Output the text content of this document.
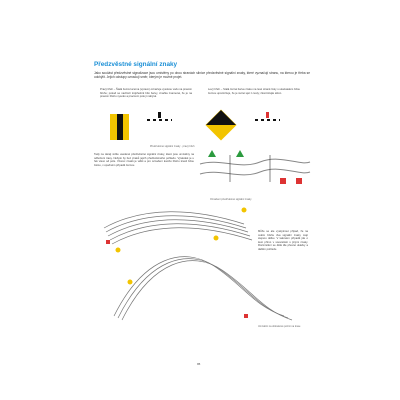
Předzvěstné signální znaky

Jako součást předzvěstné signalizace jsou umístěny po obou stranách silnice předzvěstné signální znaky, které vyznačují stranu, na kterou je třeba se odchýlit. Jejich odstupy označují směr, kterým je možné projet.

Pravý břeh – Štalá černá lucerna (vpravo) označuje vysokou vodu na pravém břehu; pokud se nachází trojúhelník bílé barvy, značka znamená, že je na pravém břehu vysoko a pracovní pole ji nabývá.

Levý břeh – Stalá černá barva znaku na levé straně řeky s ukazatelem bílou černou upozorňuje, že je nutné sjet z cesty; zkontrolujte sklon.

Předzvěstné signální znaky · pravý břeh

Tady na okraji vidíte uvedené předzvěstné signální znaky, které jsou umístěny na odbočení trasy. Nebylo by bez znaků jejich předzvěstného pohledu. Výsledek je u řek vlevo od pole. Vzorec znaků je vidět a pro označení levého břehu kreslí bílou čárou, v opačném případě černou.

Označení předzvěstné signální znaky

Může se ale vyskytnout případ, že na celém břehu dva signální znaky mají stejnou délku. V takovém případě jde o levé přímo v souvislosti s jinými znaky. Rozmístění se dělá dle přesné ukázky a dalším pohledu.

Umístění na obloukové pozici na trase

95
